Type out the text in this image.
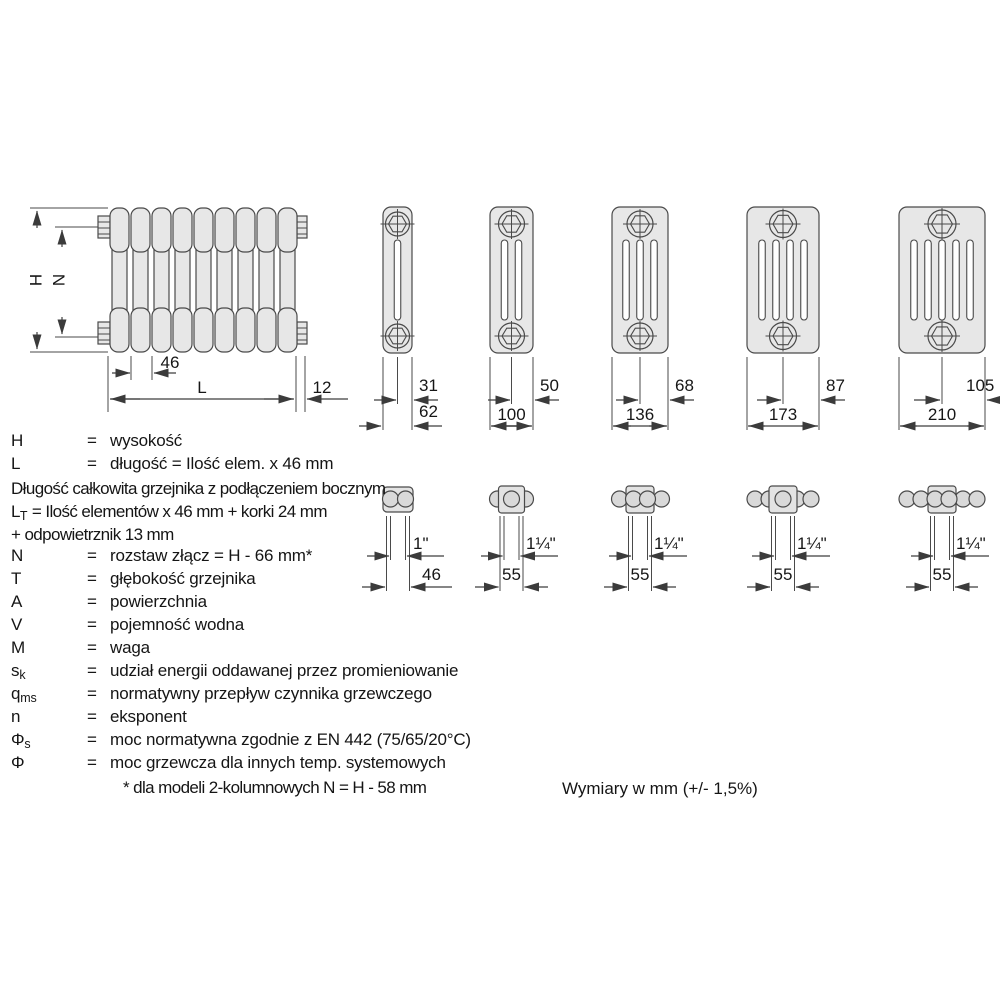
H N
46
L	12	31
62
50
100
68
136
87
173
105
210
1"
46
1¼"
55
1¼"
55
1¼"
55
1¼"
55
H	= wysokość
L	= długość = Ilość elem. x 46 mm
Długość całkowita grzejnika z podłączeniem bocznym
LT = Ilość elementów x 46 mm + korki 24 mm
+ odpowietrznik 13 mm
N	= rozstaw złącz = H - 66 mm*
T	= głębokość grzejnika
A	= powierzchnia
V	= pojemność wodna
M	= waga
sk	= udział energii oddawanej przez promieniowanie
qms	= normatywny przepływ czynnika grzewczego
n	= eksponent
Φs	= moc normatywna zgodnie z EN 442 (75/65/20°C)
Φ	= moc grzewcza dla innych temp. systemowych
* dla modeli 2-kolumnowych N = H - 58 mm	Wymiary w mm (+/- 1,5%)
